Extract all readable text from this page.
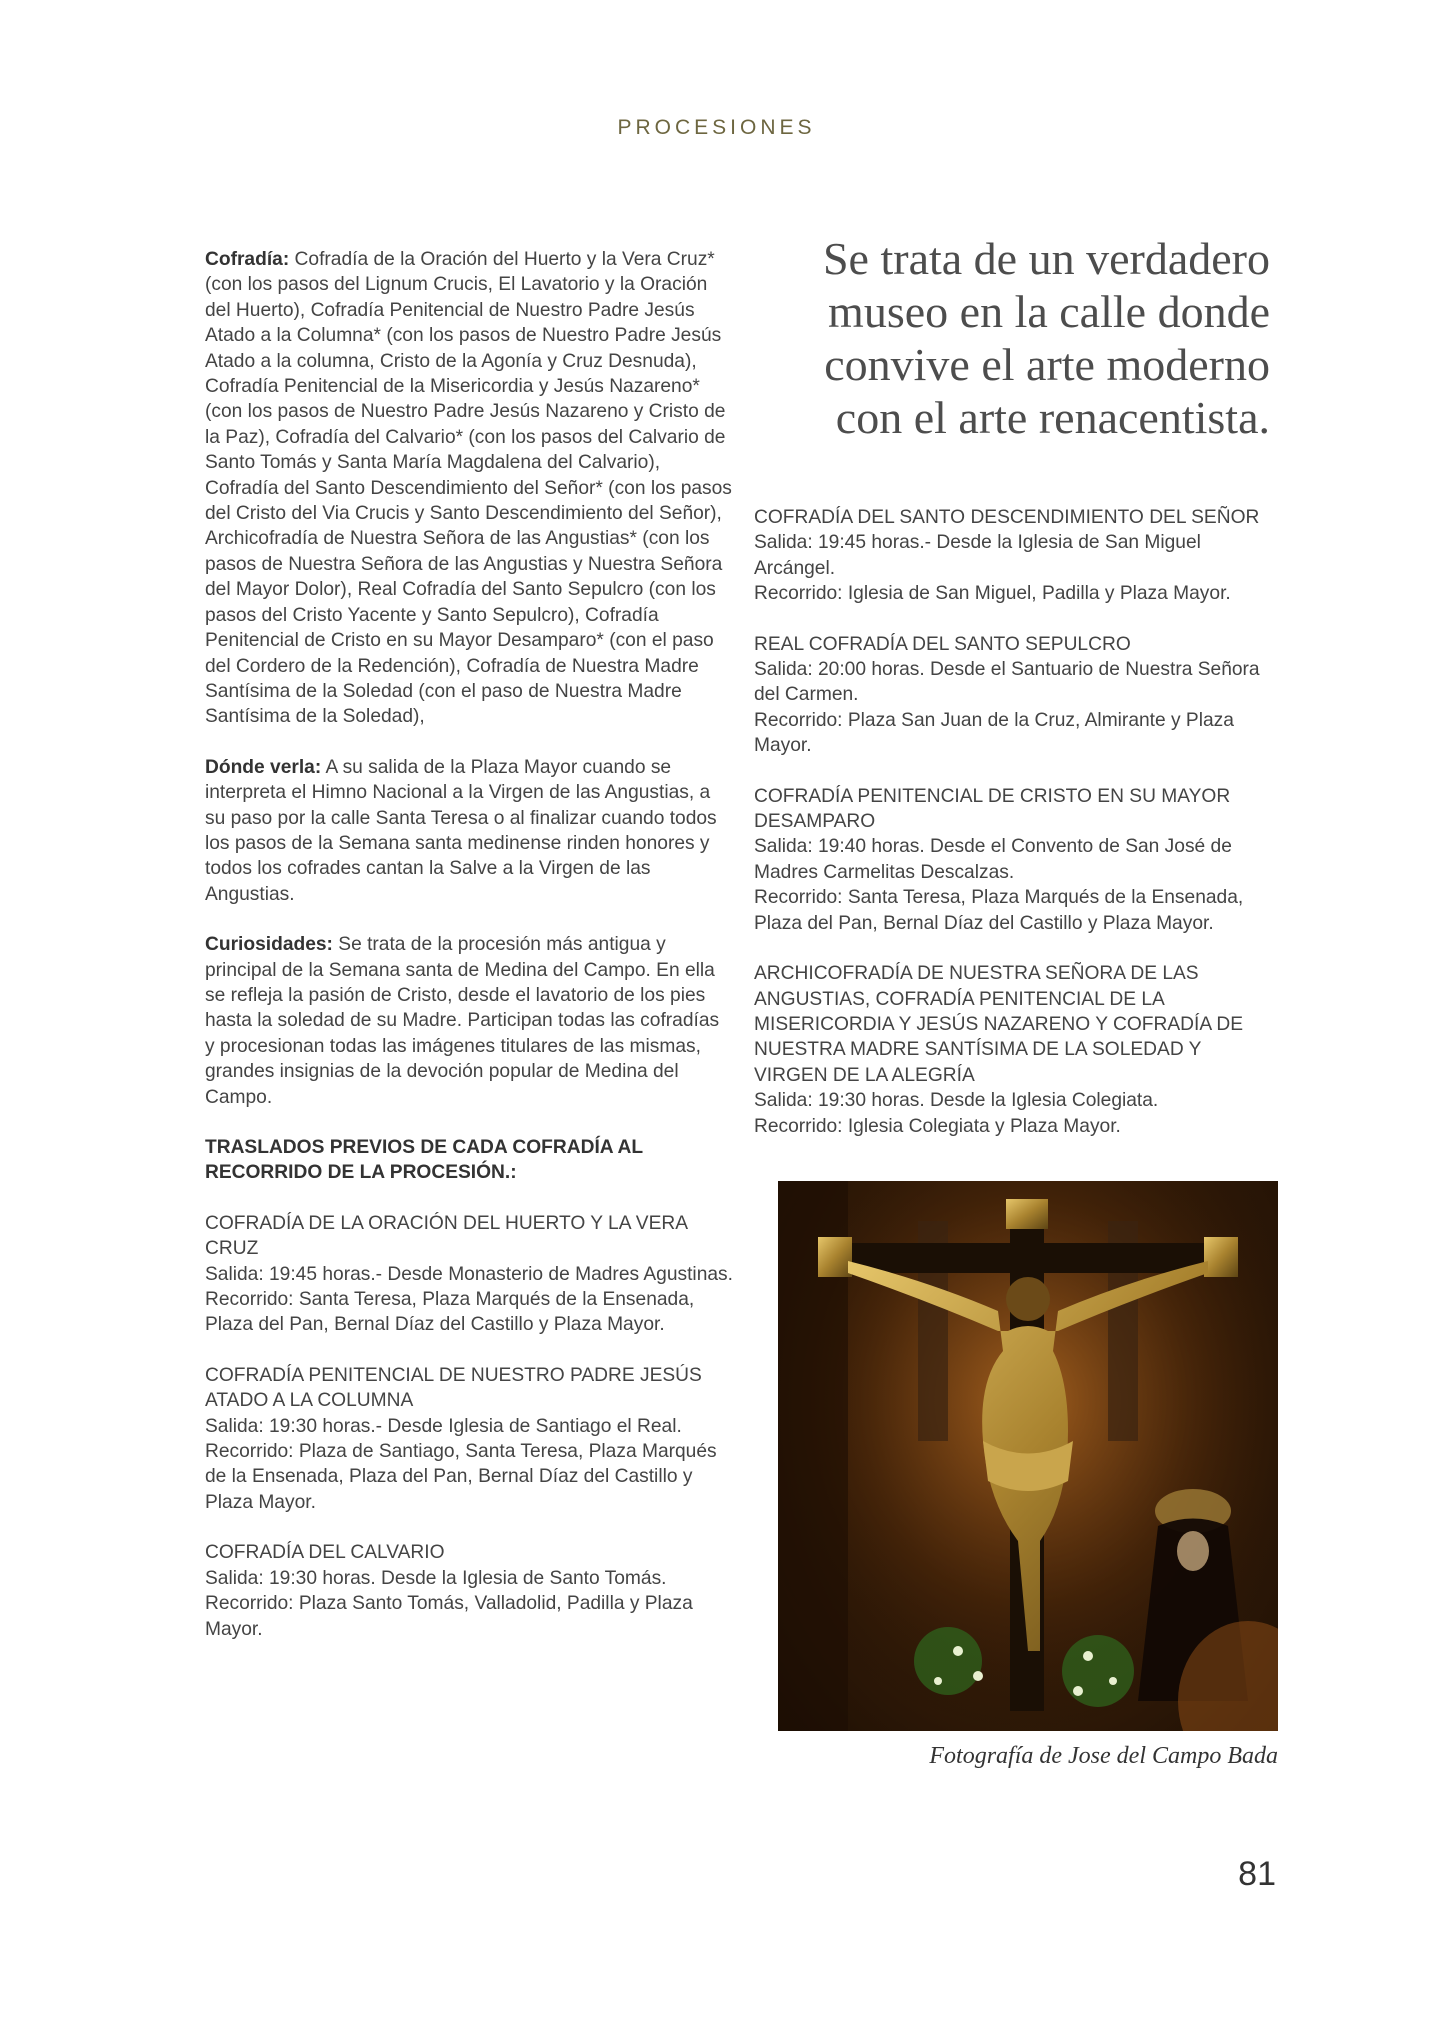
PROCESIONES

Cofradía: Cofradía de la Oración del Huerto y la Vera Cruz* (con los pasos del Lignum Crucis, El Lavatorio y la Oración del Huerto), Cofradía Penitencial de Nuestro Padre Jesús Atado a la Columna* (con los pasos de Nuestro Padre Jesús Atado a la columna, Cristo de la Agonía y Cruz Desnuda), Cofradía Penitencial de la Misericordia y Jesús Nazareno* (con los pasos de Nuestro Padre Jesús Nazareno y Cristo de la Paz), Cofradía del Calvario* (con los pasos del Calvario de Santo Tomás y Santa María Magdalena del Calvario), Cofradía del Santo Descendimiento del Señor* (con los pasos del Cristo del Via Crucis y Santo Descendimiento del Señor), Archicofradía de Nuestra Señora de las Angustias* (con los pasos de Nuestra Señora de las Angustias y Nuestra Señora del Mayor Dolor), Real Cofradía del Santo Sepulcro (con los pasos del Cristo Yacente y Santo Sepulcro), Cofradía Penitencial de Cristo en su Mayor Desamparo* (con el paso del Cordero de la Redención), Cofradía de Nuestra Madre Santísima de la Soledad (con el paso de Nuestra Madre Santísima de la Soledad),

Dónde verla: A su salida de la Plaza Mayor cuando se interpreta el Himno Nacional a la Virgen de las Angustias, a su paso por la calle Santa Teresa o al finalizar cuando todos los pasos de la Semana santa medinense rinden honores y todos los cofrades cantan la Salve a la Virgen de las Angustias.

Curiosidades: Se trata de la procesión más antigua y principal de la Semana santa de Medina del Campo. En ella se refleja la pasión de Cristo, desde el lavatorio de los pies hasta la soledad de su Madre. Participan todas las cofradías y procesionan todas las imágenes titulares de las mismas, grandes insignias de la devoción popular de Medina del Campo.

TRASLADOS PREVIOS DE CADA COFRADÍA AL RECORRIDO DE LA PROCESIÓN.:

COFRADÍA DE LA ORACIÓN DEL HUERTO Y LA VERA CRUZ
Salida: 19:45 horas.- Desde Monasterio de Madres Agustinas.
Recorrido: Santa Teresa, Plaza Marqués de la Ensenada, Plaza del Pan, Bernal Díaz del Castillo y Plaza Mayor.

COFRADÍA PENITENCIAL DE NUESTRO PADRE JESÚS ATADO A LA COLUMNA
Salida: 19:30 horas.- Desde Iglesia de Santiago el Real.
Recorrido: Plaza de Santiago, Santa Teresa, Plaza Marqués de la Ensenada, Plaza del Pan, Bernal Díaz del Castillo y Plaza Mayor.

COFRADÍA DEL CALVARIO
Salida: 19:30 horas. Desde la Iglesia de Santo Tomás.
Recorrido: Plaza Santo Tomás, Valladolid, Padilla y Plaza Mayor.

Se trata de un verdadero
museo en la calle donde
convive el arte moderno
con el arte renacentista.

COFRADÍA DEL SANTO DESCENDIMIENTO DEL SEÑOR
Salida: 19:45 horas.- Desde la Iglesia de San Miguel Arcángel.
Recorrido: Iglesia de San Miguel, Padilla y Plaza Mayor.

REAL COFRADÍA DEL SANTO SEPULCRO
Salida: 20:00 horas. Desde el Santuario de Nuestra Señora del Carmen.
Recorrido: Plaza San Juan de la Cruz, Almirante y Plaza Mayor.

COFRADÍA PENITENCIAL DE CRISTO EN SU MAYOR DESAMPARO
Salida: 19:40 horas. Desde el Convento de San José de Madres Carmelitas Descalzas.
Recorrido: Santa Teresa, Plaza Marqués de la Ensenada, Plaza del Pan, Bernal Díaz del Castillo y Plaza Mayor.

ARCHICOFRADÍA DE NUESTRA SEÑORA DE LAS ANGUSTIAS, COFRADÍA PENITENCIAL DE LA MISERICORDIA Y JESÚS NAZARENO Y COFRADÍA DE NUESTRA MADRE SANTÍSIMA DE LA SOLEDAD Y VIRGEN DE LA ALEGRÍA
Salida: 19:30 horas. Desde la Iglesia Colegiata.
Recorrido: Iglesia Colegiata y Plaza Mayor.

Fotografía de Jose del Campo Bada
81
